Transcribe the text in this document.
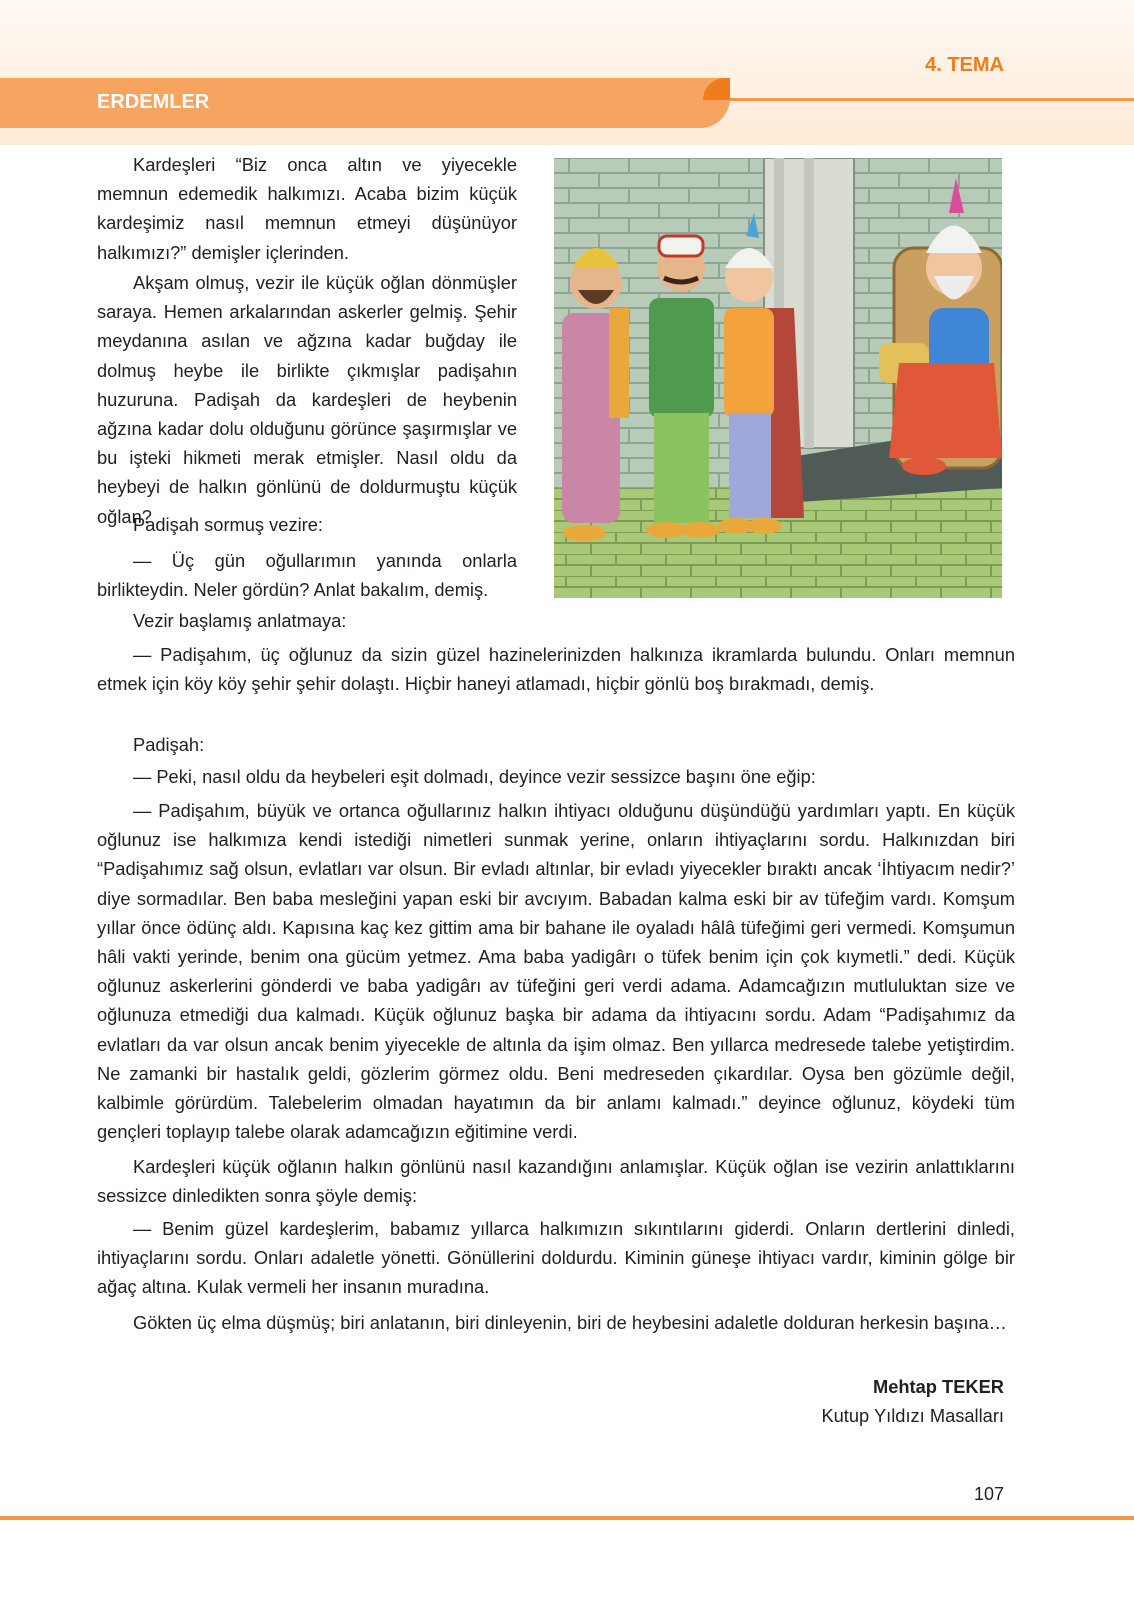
4. TEMA
ERDEMLER

Kardeşleri “Biz onca altın ve yiyecekle memnun edemedik halkımızı. Acaba bizim küçük kardeşimiz nasıl memnun etmeyi düşünüyor halkımızı?” demişler içlerinden.

Akşam olmuş, vezir ile küçük oğlan dönmüşler saraya. Hemen arkalarından askerler gelmiş. Şehir meydanına asılan ve ağzına kadar buğday ile dolmuş heybe ile birlikte çıkmışlar padişahın huzuruna. Padişah da kardeşleri de heybenin ağzına kadar dolu olduğunu görünce şaşırmışlar ve bu işteki hikmeti merak etmişler. Nasıl oldu da heybeyi de halkın gönlünü de doldurmuştu küçük oğlan?

Padişah sormuş vezire:

— Üç gün oğullarımın yanında onlarla birlikteydin. Neler gördün? Anlat bakalım, demiş.

Vezir başlamış anlatmaya:

— Padişahım, üç oğlunuz da sizin güzel hazinelerinizden halkınıza ikramlarda bulundu. Onları memnun etmek için köy köy şehir şehir dolaştı. Hiçbir haneyi atlamadı, hiçbir gönlü boş bırakmadı, demiş.

Padişah:

— Peki, nasıl oldu da heybeleri eşit dolmadı, deyince vezir sessizce başını öne eğip:

— Padişahım, büyük ve ortanca oğullarınız halkın ihtiyacı olduğunu düşündüğü yardımları yaptı. En küçük oğlunuz ise halkımıza kendi istediği nimetleri sunmak yerine, onların ihtiyaçlarını sordu. Halkınızdan biri “Padişahımız sağ olsun, evlatları var olsun. Bir evladı altınlar, bir evladı yiyecekler bıraktı ancak ‘İhtiyacım nedir?’ diye sormadılar. Ben baba mesleğini yapan eski bir avcıyım. Babadan kalma eski bir av tüfeğim vardı. Komşum yıllar önce ödünç aldı. Kapısına kaç kez gittim ama bir bahane ile oyaladı hâlâ tüfeğimi geri vermedi. Komşumun hâli vakti yerinde, benim ona gücüm yetmez. Ama baba yadigârı o tüfek benim için çok kıymetli.” dedi. Küçük oğlunuz askerlerini gönderdi ve baba yadigârı av tüfeğini geri verdi adama. Adamcağızın mutluluktan size ve oğlunuza etmediği dua kalmadı. Küçük oğlunuz başka bir adama da ihtiyacını sordu. Adam “Padişahımız da evlatları da var olsun ancak benim yiyecekle de altınla da işim olmaz. Ben yıllarca medresede talebe yetiştirdim. Ne zamanki bir hastalık geldi, gözlerim görmez oldu. Beni medreseden çıkardılar. Oysa ben gözümle değil, kalbimle görürdüm. Talebelerim olmadan hayatımın da bir anlamı kalmadı.” deyince oğlunuz, köydeki tüm gençleri toplayıp talebe olarak adamcağızın eğitimine verdi.

Kardeşleri küçük oğlanın halkın gönlünü nasıl kazandığını anlamışlar. Küçük oğlan ise vezirin anlattıklarını sessizce dinledikten sonra şöyle demiş:

— Benim güzel kardeşlerim, babamız yıllarca halkımızın sıkıntılarını giderdi. Onların dertlerini dinledi, ihtiyaçlarını sordu. Onları adaletle yönetti. Gönüllerini doldurdu. Kiminin güneşe ihtiyacı vardır, kiminin gölge bir ağaç altına. Kulak vermeli her insanın muradına.

Gökten üç elma düşmüş; biri anlatanın, biri dinleyenin, biri de heybesini adaletle dolduran herkesin başına…

Mehtap TEKER
Kutup Yıldızı Masalları
107
